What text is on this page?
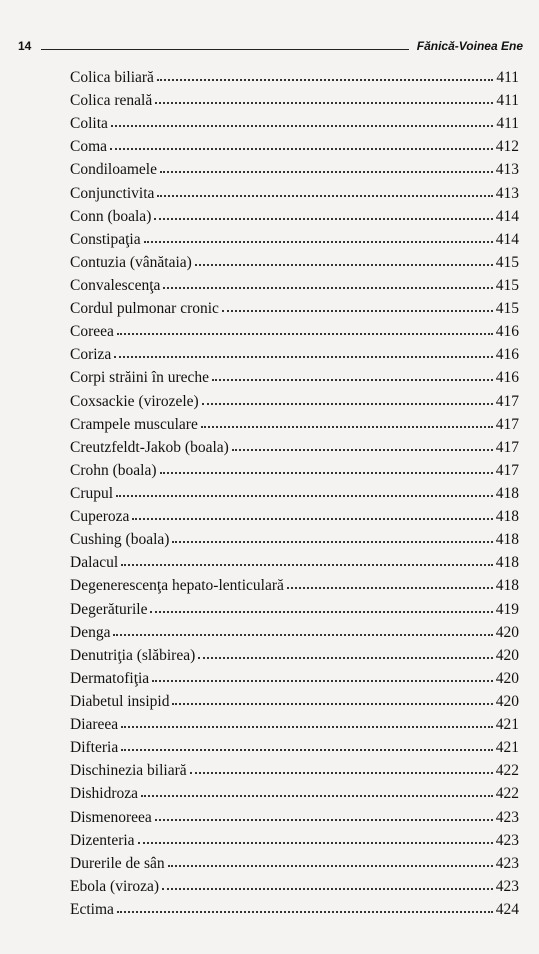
14	Fănică-Voinea Ene
Colica biliară	411
Colica renală	411
Colita	411
Coma	412
Condiloamele	413
Conjunctivita	413
Conn (boala)	414
Constipaţia	414
Contuzia (vânătaia)	415
Convalescenţa	415
Cordul pulmonar cronic	415
Coreea	416
Coriza	416
Corpi străini în ureche	416
Coxsackie (virozele)	417
Crampele musculare	417
Creutzfeldt-Jakob (boala)	417
Crohn (boala)	417
Crupul	418
Cuperoza	418
Cushing (boala)	418
Dalacul	418
Degenerescenţa hepato-lenticulară	418
Degerăturile	419
Denga	420
Denutriţia (slăbirea)	420
Dermatofiţia	420
Diabetul insipid	420
Diareea	421
Difteria	421
Dischinezia biliară	422
Dishidroza	422
Dismenoreea	423
Dizenteria	423
Durerile de sân	423
Ebola (viroza)	423
Ectima	424
